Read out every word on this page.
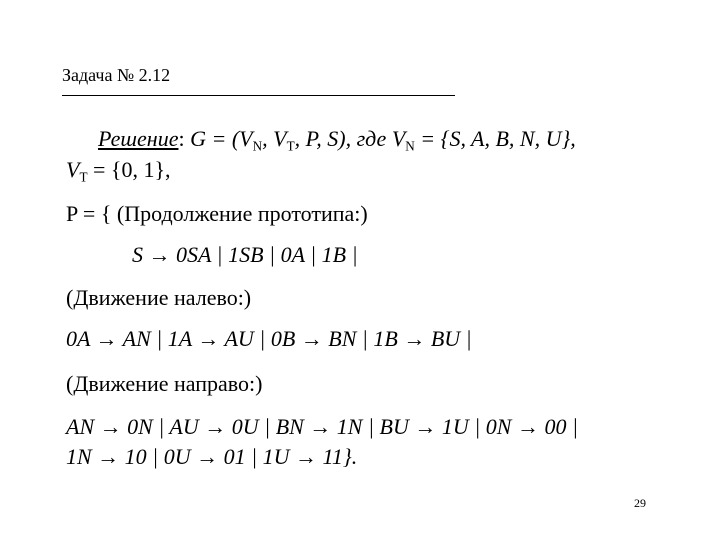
Задача № 2.12
Решение: $G = (V_N$, $V_T$, P, S), где $V_N = \{S$, A, B, N, U},
$V_T = \{0$, 1},
P = { (Продолжение прототипа:)
S → 0SA | 1SB | 0A | 1B |
(Движение налево:)
0A → AN | 1A → AU | 0B → BN | 1B → BU |
(Движение направо:)
AN → 0N | AU → 0U | BN → 1N | BU → 1U | 0N → 00 |
1N → 10 | 0U → 01 | 1U → 11}.
29
